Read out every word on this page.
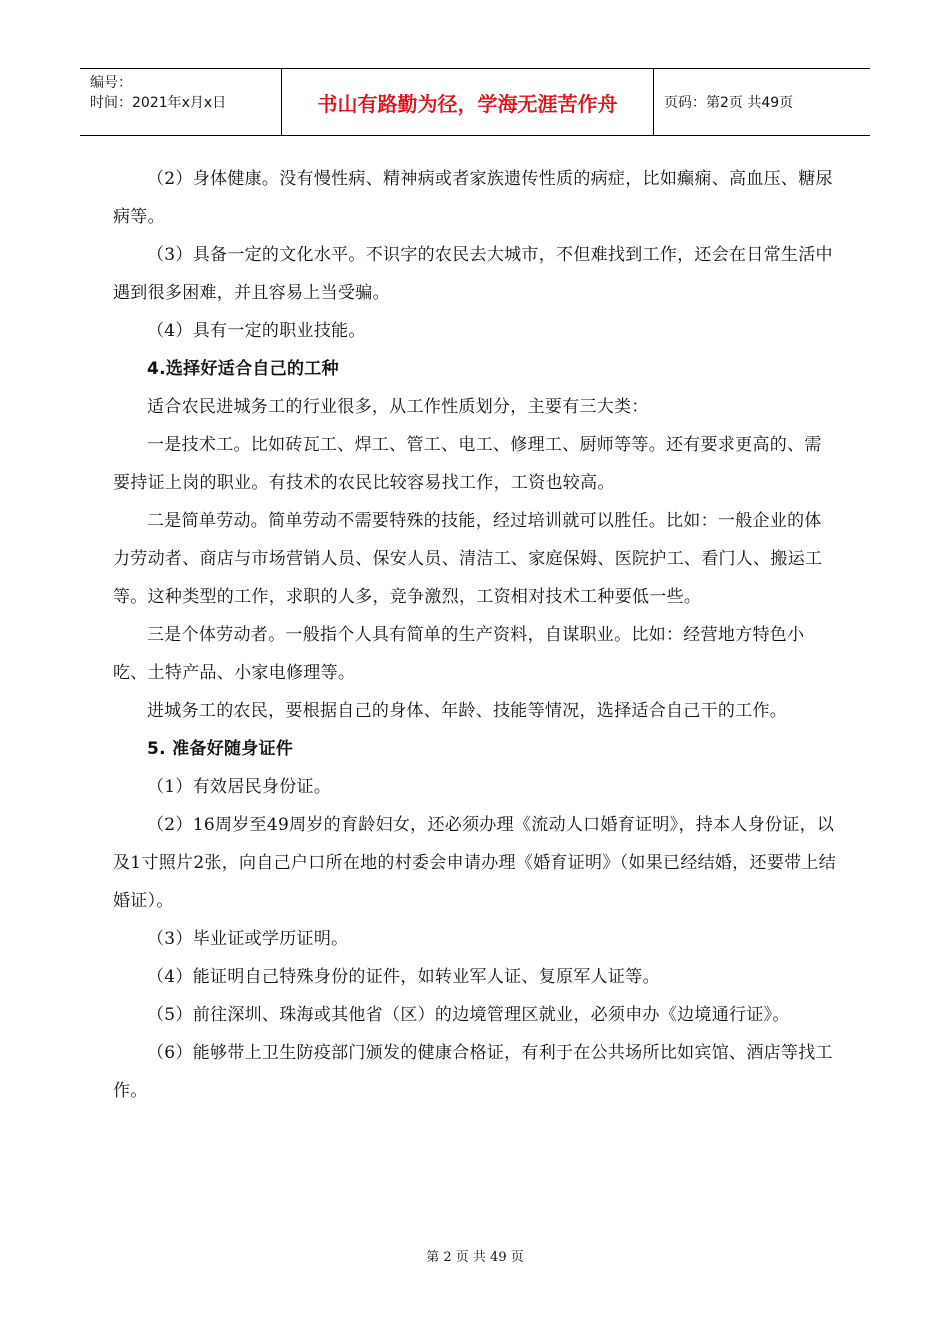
编号：
时间：2021年x月x日	书山有路勤为径，学海无涯苦作舟	页码：第2页 共49页

（2）身体健康。没有慢性病、精神病或者家族遗传性质的病症，比如癫痫、高血压、糖尿病等。

（3）具备一定的文化水平。不识字的农民去大城市，不但难找到工作，还会在日常生活中遇到很多困难，并且容易上当受骗。

（4）具有一定的职业技能。

4.选择好适合自己的工种

适合农民进城务工的行业很多，从工作性质划分，主要有三大类：

一是技术工。比如砖瓦工、焊工、管工、电工、修理工、厨师等等。还有要求更高的、需要持证上岗的职业。有技术的农民比较容易找工作，工资也较高。

二是简单劳动。简单劳动不需要特殊的技能，经过培训就可以胜任。比如：一般企业的体力劳动者、商店与市场营销人员、保安人员、清洁工、家庭保姆、医院护工、看门人、搬运工等。这种类型的工作，求职的人多，竞争激烈，工资相对技术工种要低一些。

三是个体劳动者。一般指个人具有简单的生产资料，自谋职业。比如：经营地方特色小吃、土特产品、小家电修理等。

进城务工的农民，要根据自己的身体、年龄、技能等情况，选择适合自己干的工作。

5. 准备好随身证件

（1）有效居民身份证。

（2）16周岁至49周岁的育龄妇女，还必须办理《流动人口婚育证明》，持本人身份证，以及1寸照片2张，向自己户口所在地的村委会申请办理《婚育证明》（如果已经结婚，还要带上结婚证）。

（3）毕业证或学历证明。

（4）能证明自己特殊身份的证件，如转业军人证、复原军人证等。

（5）前往深圳、珠海或其他省（区）的边境管理区就业，必须申办《边境通行证》。

（6）能够带上卫生防疫部门颁发的健康合格证，有利于在公共场所比如宾馆、酒店等找工作。

第 2 页 共 49 页
